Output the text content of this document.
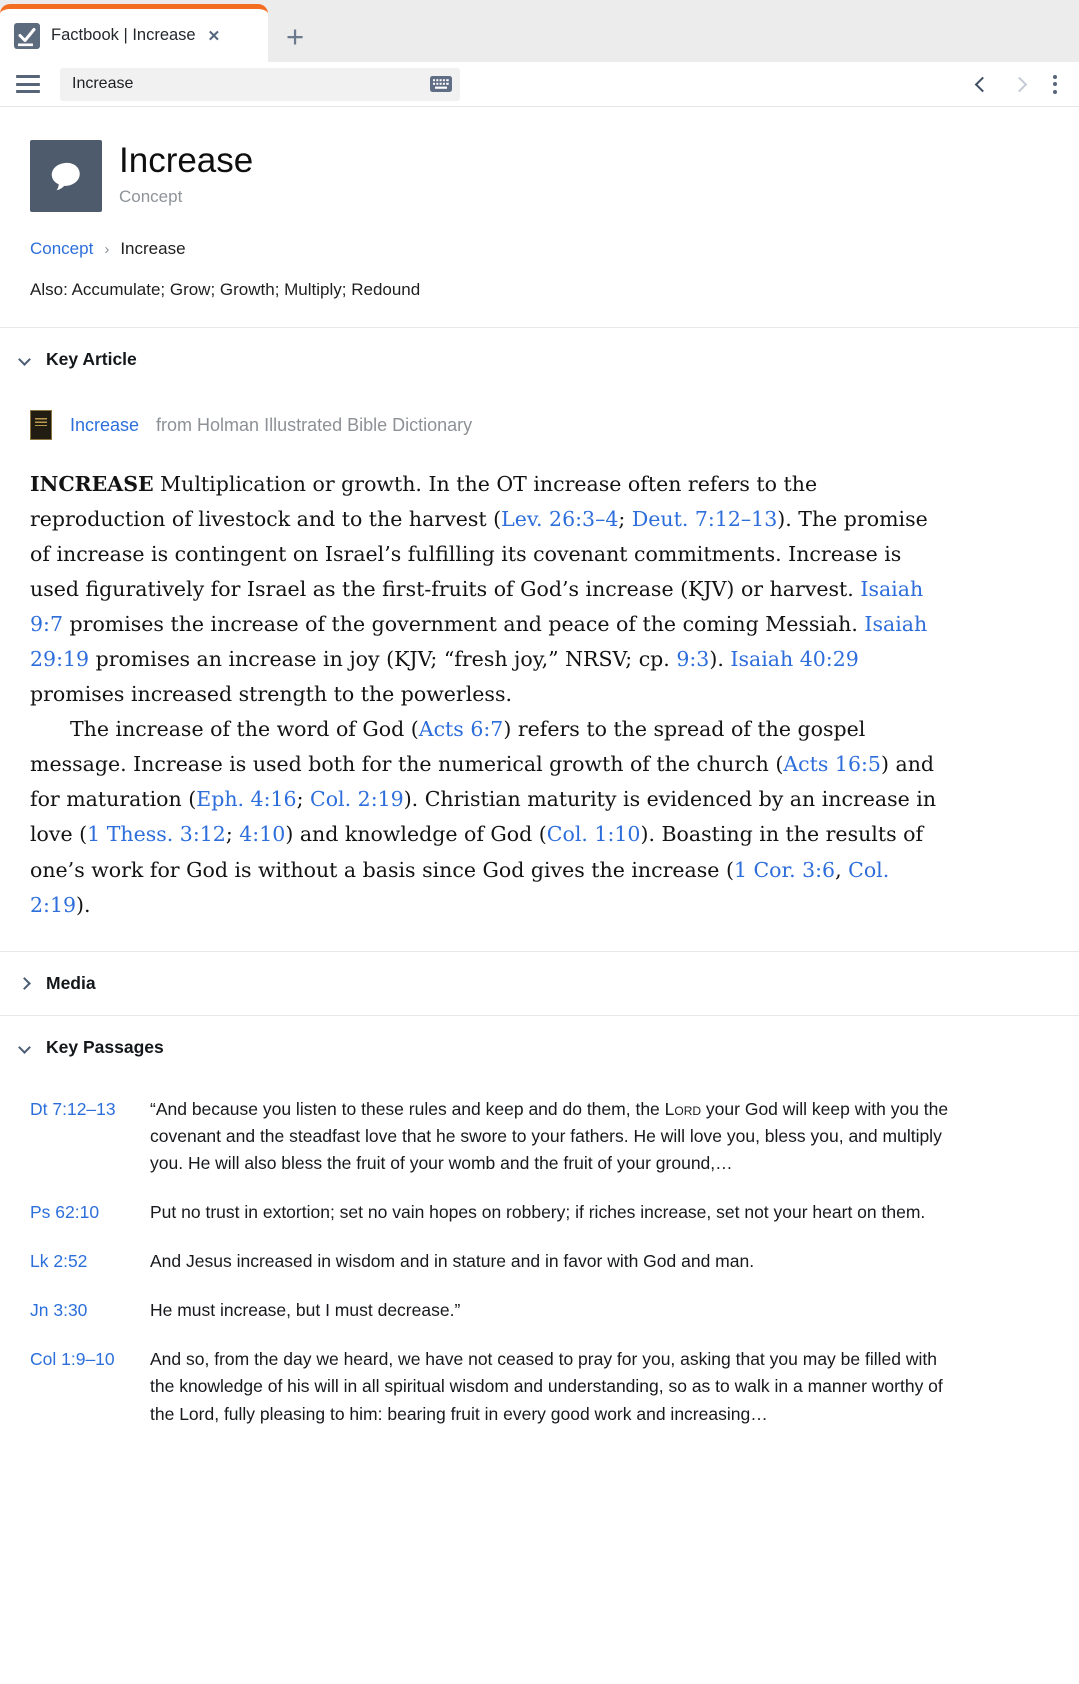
Factbook | Increase ✕ +
Increase
Increase
Concept
Concept › Increase
Also: Accumulate; Grow; Growth; Multiply; Redound
Key Article
Increase from Holman Illustrated Bible Dictionary

INCREASE Multiplication or growth. In the OT increase often refers to the reproduction of livestock and to the harvest (Lev. 26:3–4; Deut. 7:12–13). The promise of increase is contingent on Israel’s fulfilling its covenant commitments. Increase is used figuratively for Israel as the first-fruits of God’s increase (KJV) or harvest. Isaiah 9:7 promises the increase of the government and peace of the coming Messiah. Isaiah 29:19 promises an increase in joy (KJV; “fresh joy,” NRSV; cp. 9:3). Isaiah 40:29 promises increased strength to the powerless.

The increase of the word of God (Acts 6:7) refers to the spread of the gospel message. Increase is used both for the numerical growth of the church (Acts 16:5) and for maturation (Eph. 4:16; Col. 2:19). Christian maturity is evidenced by an increase in love (1 Thess. 3:12; 4:10) and knowledge of God (Col. 1:10). Boasting in the results of one’s work for God is without a basis since God gives the increase (1 Cor. 3:6, Col. 2:19).

Media
Key Passages
Dt 7:12–13	“And because you listen to these rules and keep and do them, the Lord your God will keep with you the covenant and the steadfast love that he swore to your fathers. He will love you, bless you, and multiply you. He will also bless the fruit of your womb and the fruit of your ground,…
Ps 62:10	Put no trust in extortion; set no vain hopes on robbery; if riches increase, set not your heart on them.
Lk 2:52	And Jesus increased in wisdom and in stature and in favor with God and man.
Jn 3:30	He must increase, but I must decrease.”
Col 1:9–10	And so, from the day we heard, we have not ceased to pray for you, asking that you may be filled with the knowledge of his will in all spiritual wisdom and understanding, so as to walk in a manner worthy of the Lord, fully pleasing to him: bearing fruit in every good work and increasing…
